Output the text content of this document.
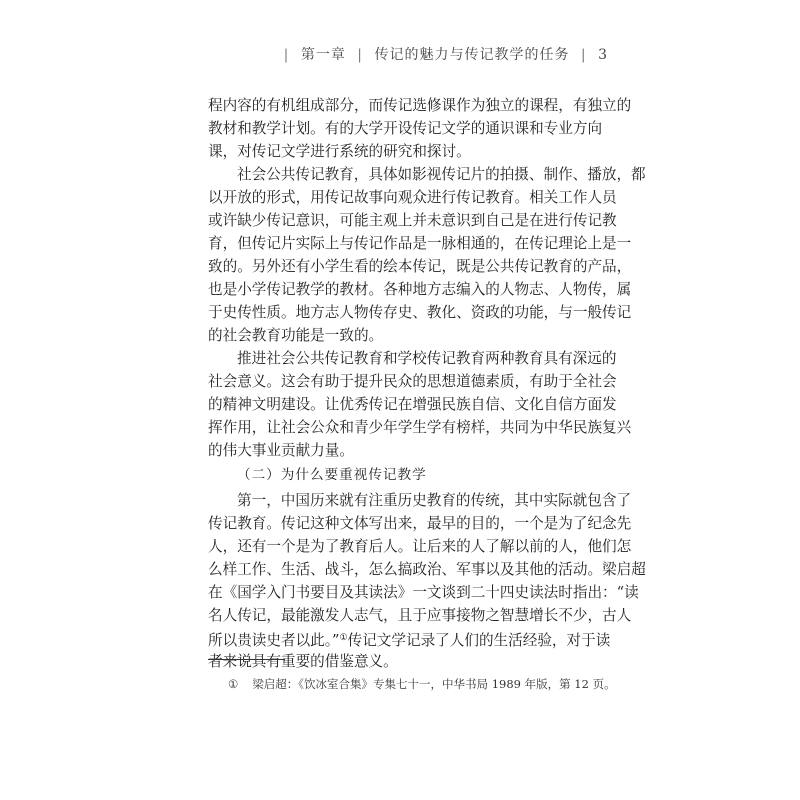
| 第一章 | 传记的魅力与传记教学的任务 | 3
程内容的有机组成部分，而传记选修课作为独立的课程，有独立的
教材和教学计划。有的大学开设传记文学的通识课和专业方向
课，对传记文学进行系统的研究和探讨。
社会公共传记教育，具体如影视传记片的拍摄、制作、播放，都
以开放的形式，用传记故事向观众进行传记教育。相关工作人员
或许缺少传记意识，可能主观上并未意识到自己是在进行传记教
育，但传记片实际上与传记作品是一脉相通的，在传记理论上是一
致的。另外还有小学生看的绘本传记，既是公共传记教育的产品，
也是小学传记教学的教材。各种地方志编入的人物志、人物传，属
于史传性质。地方志人物传存史、教化、资政的功能，与一般传记
的社会教育功能是一致的。
推进社会公共传记教育和学校传记教育两种教育具有深远的
社会意义。这会有助于提升民众的思想道德素质，有助于全社会
的精神文明建设。让优秀传记在增强民族自信、文化自信方面发
挥作用，让社会公众和青少年学生学有榜样，共同为中华民族复兴
的伟大事业贡献力量。
（二）为什么要重视传记教学
第一，中国历来就有注重历史教育的传统，其中实际就包含了
传记教育。传记这种文体写出来，最早的目的，一个是为了纪念先
人，还有一个是为了教育后人。让后来的人了解以前的人，他们怎
么样工作、生活、战斗，怎么搞政治、军事以及其他的活动。梁启超
在《国学入门书要目及其读法》一文谈到二十四史读法时指出：“读
名人传记，最能激发人志气，且于应事接物之智慧增长不少，古人
所以贵读史者以此。”①传记文学记录了人们的生活经验，对于读
者来说具有重要的借鉴意义。
① 梁启超：《饮冰室合集》专集七十一，中华书局 1989 年版，第 12 页。
